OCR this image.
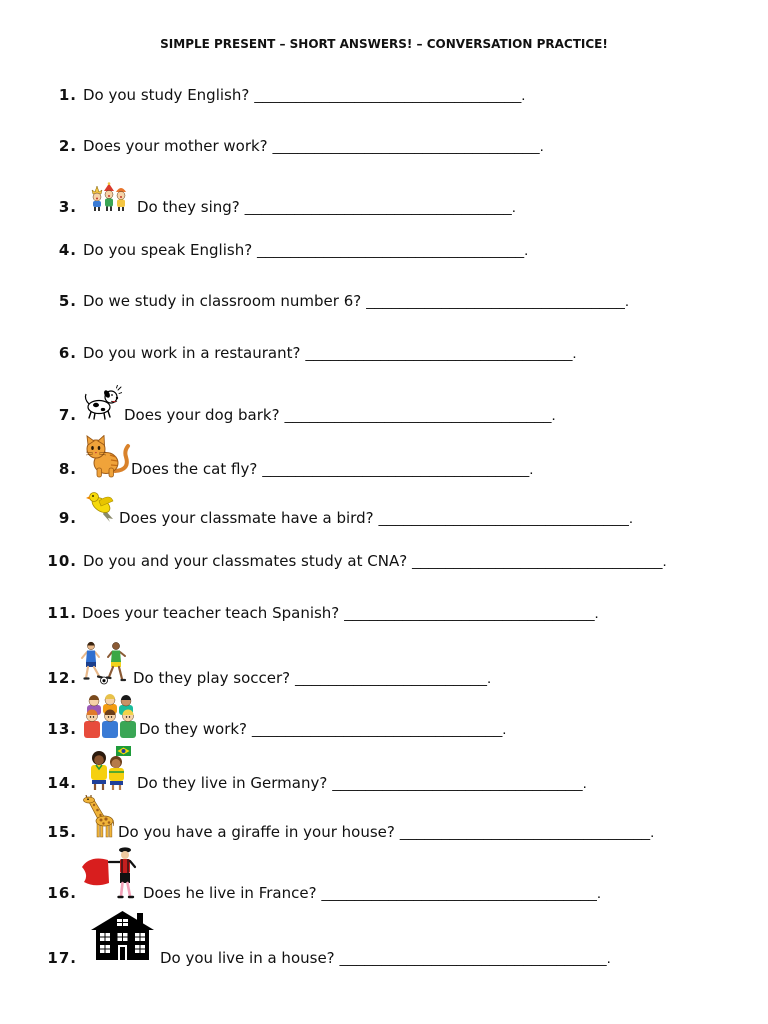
SIMPLE PRESENT – SHORT ANSWERS! – CONVERSATION PRACTICE!
1. Do you study English? ________________________________.
2. Does your mother work? ________________________________.
3.	Do they sing? ________________________________.
4. Do you speak English? ________________________________.
5. Do we study in classroom number 6? _______________________________.
6. Do you work in a restaurant? ________________________________.
7.	Does your dog bark? ________________________________.
8.	Does the cat fly? ________________________________.
9.	Does your classmate have a bird? ______________________________.
10. Do you and your classmates study at CNA? ______________________________.
11. Does your teacher teach Spanish? ______________________________.
12.	Do they play soccer? _______________________.
13.	Do they work? ______________________________.
14.	Do they live in Germany? ______________________________.
15.	Do you have a giraffe in your house? ______________________________.
16.	Does he live in France? _________________________________.
17.	Do you live in a house? ________________________________.
